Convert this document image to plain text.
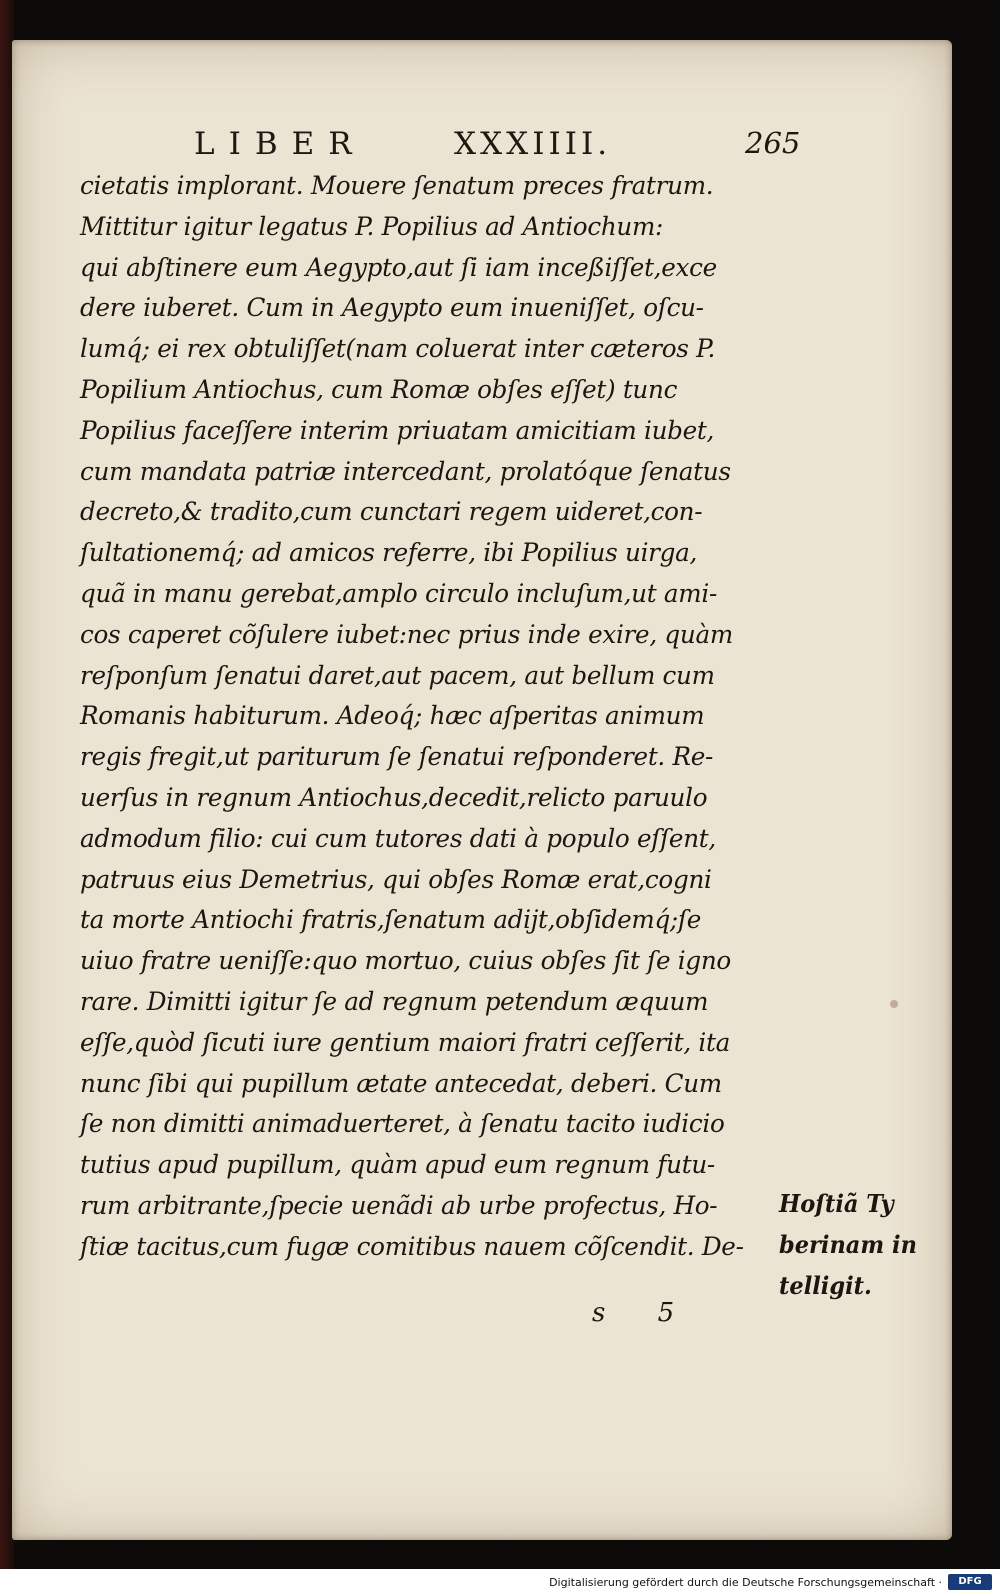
LIBER	XXXIIII.	265
cietatis implorant. Mouere ſenatum preces fratrum.
Mittitur igitur legatus P. Popilius ad Antiochum:
qui abſtinere eum Aegypto,aut ſi iam inceßiſſet,exce
dere iuberet. Cum in Aegypto eum inueniſſet, oſcu-
lumq́; ei rex obtuliſſet(nam coluerat inter cæteros P.
Popilium Antiochus, cum Romæ obſes eſſet) tunc
Popilius faceſſere interim priuatam amicitiam iubet,
cum mandata patriæ intercedant, prolatóque ſenatus
decreto,& tradito,cum cunctari regem uideret,con-
ſultationemq́; ad amicos referre, ibi Popilius uirga,
quã in manu gerebat,amplo circulo incluſum,ut ami-
cos caperet cõſulere iubet:nec prius inde exire, quàm
reſponſum ſenatui daret,aut pacem, aut bellum cum
Romanis habiturum. Adeoq́; hæc aſperitas animum
regis fregit,ut pariturum ſe ſenatui reſponderet. Re-
uerſus in regnum Antiochus,decedit,relicto paruulo
admodum filio: cui cum tutores dati à populo eſſent,
patruus eius Demetrius, qui obſes Romæ erat,cogni
ta morte Antiochi fratris,ſenatum adijt,obſidemq́;ſe
uiuo fratre ueniſſe:quo mortuo, cuius obſes ſit ſe igno
rare. Dimitti igitur ſe ad regnum petendum æquum
eſſe,quòd ſicuti iure gentium maiori fratri ceſſerit, ita
nunc ſibi qui pupillum ætate antecedat, deberi. Cum
ſe non dimitti animaduerteret, à ſenatu tacito iudicio
tutius apud pupillum, quàm apud eum regnum futu-
rum arbitrante,ſpecie uenãdi ab urbe profectus, Ho-
ſtiæ tacitus,cum fugæ comitibus nauem cõſcendit. De-
Hoſtiã Ty
berinam in
telligit.
s 5
Digitalisierung gefördert durch die Deutsche Forschungsgemeinschaft ·	DFG
